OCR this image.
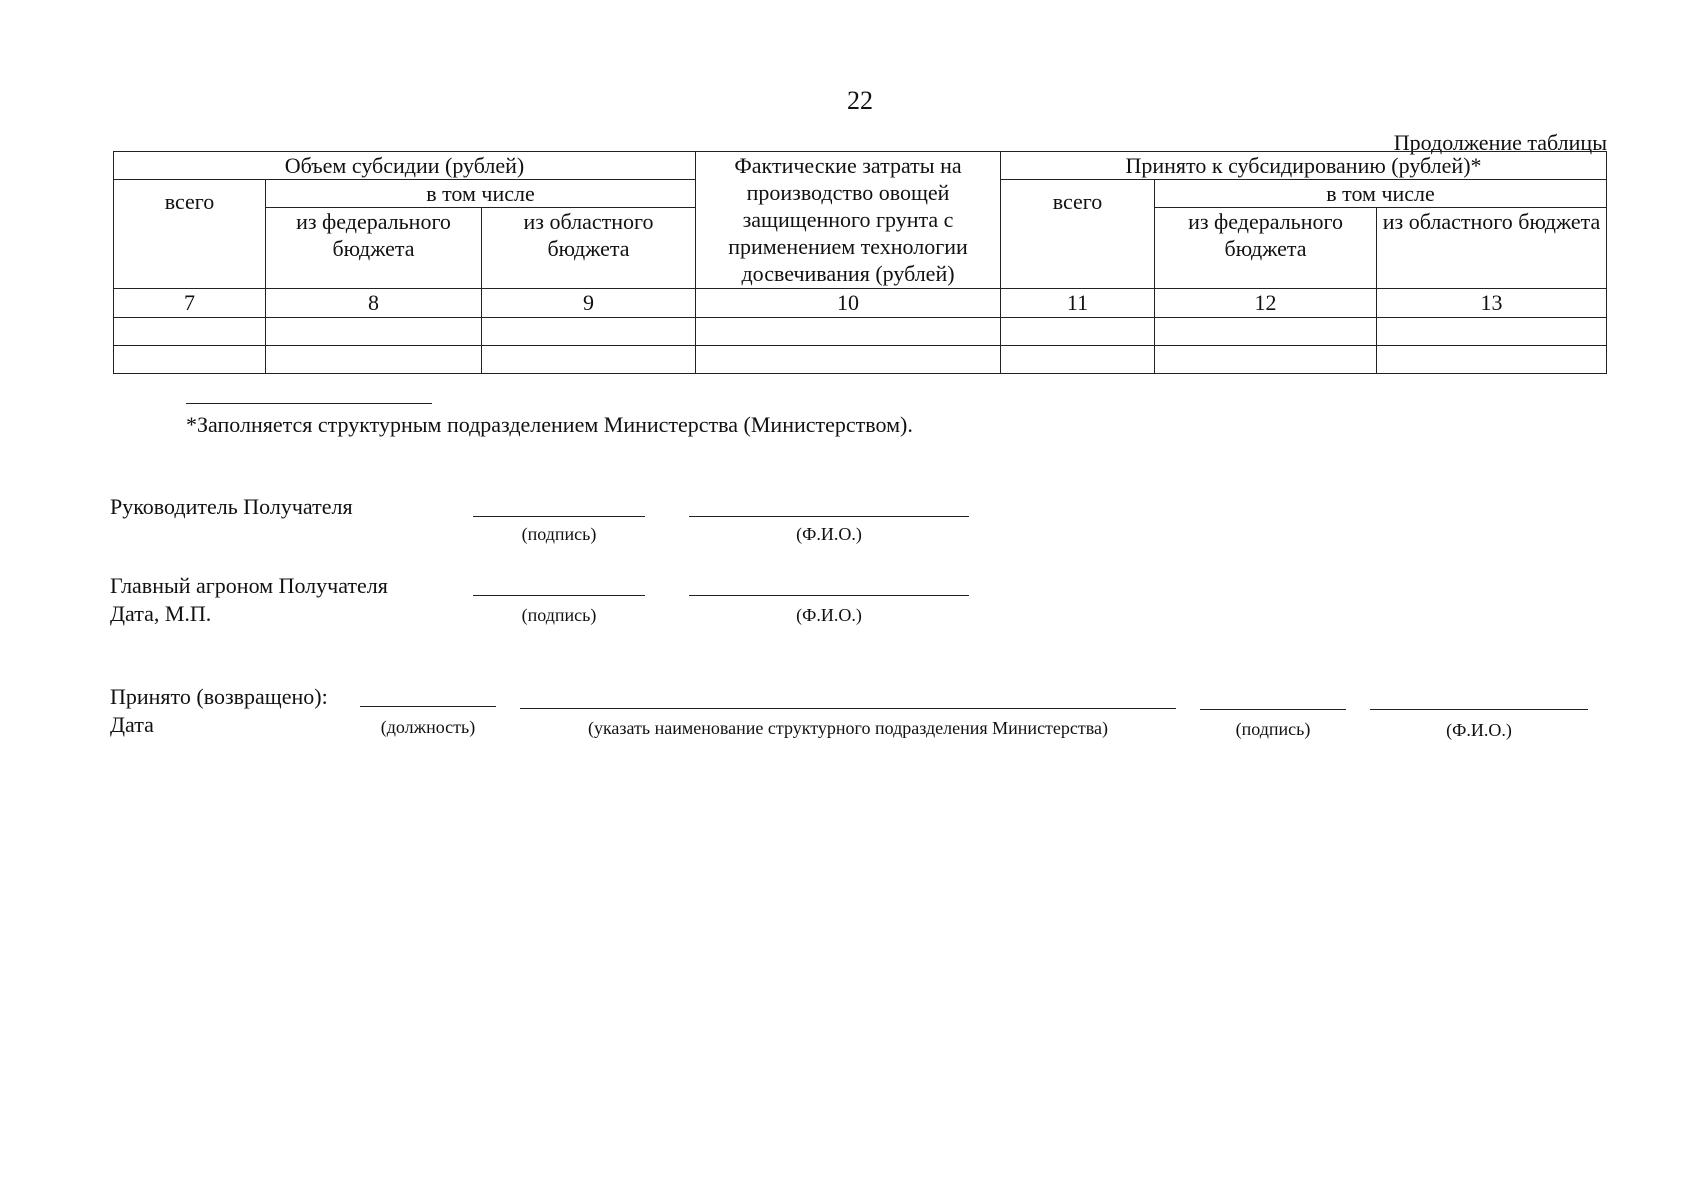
22
Продолжение таблицы
Объем субсидии (рублей)			Фактические затраты на производство овощей защищенного грунта с применением технологии досвечивания (рублей)	Принято к субсидированию (рублей)*		
всего	в том числе			всего	в том числе	
	из федерального бюджета	из областного бюджета			из федерального бюджета	из областного бюджета
7	8	9	10	11	12	13

*Заполняется структурным подразделением Министерства (Министерством).
Руководитель Получателя
(подпись)	(Ф.И.О.)
Главный агроном Получателя
Дата, М.П.	(подпись)	(Ф.И.О.)
Принято (возвращено):
Дата	(должность)	(указать наименование структурного подразделения Министерства)	(подпись)	(Ф.И.О.)
